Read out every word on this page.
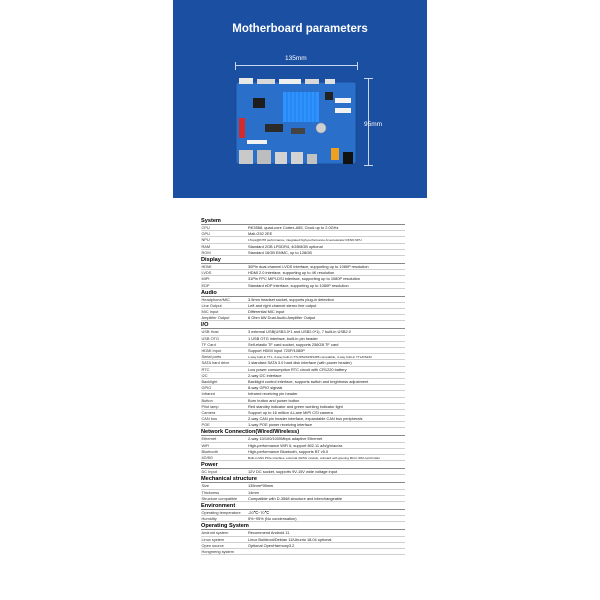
Motherboard parameters
135mm
95mm
System
CPU	RK3568, quad-core Cortex-A55, Clock up to 2.0GHz
GPU	Mali-G52 2EE
NPU	1Tops@INT8 performance, integrated high-performance AI accelerator RKNN NPU
RAM	Standard 2GB LPDDR4, 4GB/8GB optional
ROM	Standard 16GB EMMC, up to 128GB
Display
HDMI	30Pin dual-channel LVDS interface, supporting up to 1080P resolution
LVDS	HDMI 2.0 interface, supporting up to 4K resolution
MIPI	31Pin FPC MIPI-DSI interface, supporting up to 1080P resolution
EDP	Standard eDP interface, supporting up to 1080P resolution
Audio
Headphone/MIC	3.5mm headset socket, supports plug-in detection
Line Output	Left and right channel stereo line output
MIC Input	Differential MIC input
Amplifier Output	8 Ohm 6W Dual Audio Amplifier Output
I/O
USB Host	3 external USB(USB3.0*1 and USB2.0*1), 7 built-in USB2.0
USB OTG	1 USB OTG interface, built-in pin header
TF Card	Self-elastic TF card socket, supports 256GB TF card
HDMI Input	Support HDMI Input 720P/1080P
Serial ports	1-way built-in TTL, 3-way built-in TTL/RS232/RS485 compatible, 4-way built-in TTL/RS232
SATA hard drive	1 standard SATA 3.0 hard disk interface (with power header)
RTC	Low power consumption RTC circuit with CR1220 battery
I2C	2-way I2C interface
Backlight	Backlight control interface, supports switch and brightness adjustment
GPIO	8-way GPIO signals
Infrared	Infrared receiving pin header
Button	Burn button and power button
Pilot lamp	Red standby indicator and green working indicator light
Camera	Support up to 16 million 4-Lane MIPI CSI camera
CAN bus	2-way CAN pin header interface, expandable CAN bus peripherals
POE	1-way POE power receiving interface
Network Connection(Wired/Wireless)
Ethernet	2-way 10/100/1000Mbps adaptive Ethernet
WiFi	High-performance WiFi 6, support 802.11 a/b/g/n/ac/ax
Bluetooth	High-performance Bluetooth, supports BT v5.0
4G/5G	Built-in Mini PCIe interface, external 4G/5G module, onboard self-opening Micro SIM card holder
Power
DC Input	12V DC socket, supports 9V-15V wide voltage input
Mechanical structure
Size	135mm*95mm
Thickness	14mm
Structure compatible	Compatible with D-3568 structure and interchangeable
Environment
Operating temperature	-20℃~70℃
Humidity	5%~95% (No condensation)
Operating System
Android system	Recommend Android 11
Linux system	Linux Buildroot/Debian 11/Ubuntu 18.04 optional
Open source	Optional OpenHarmony3.2
Hongmeng system
